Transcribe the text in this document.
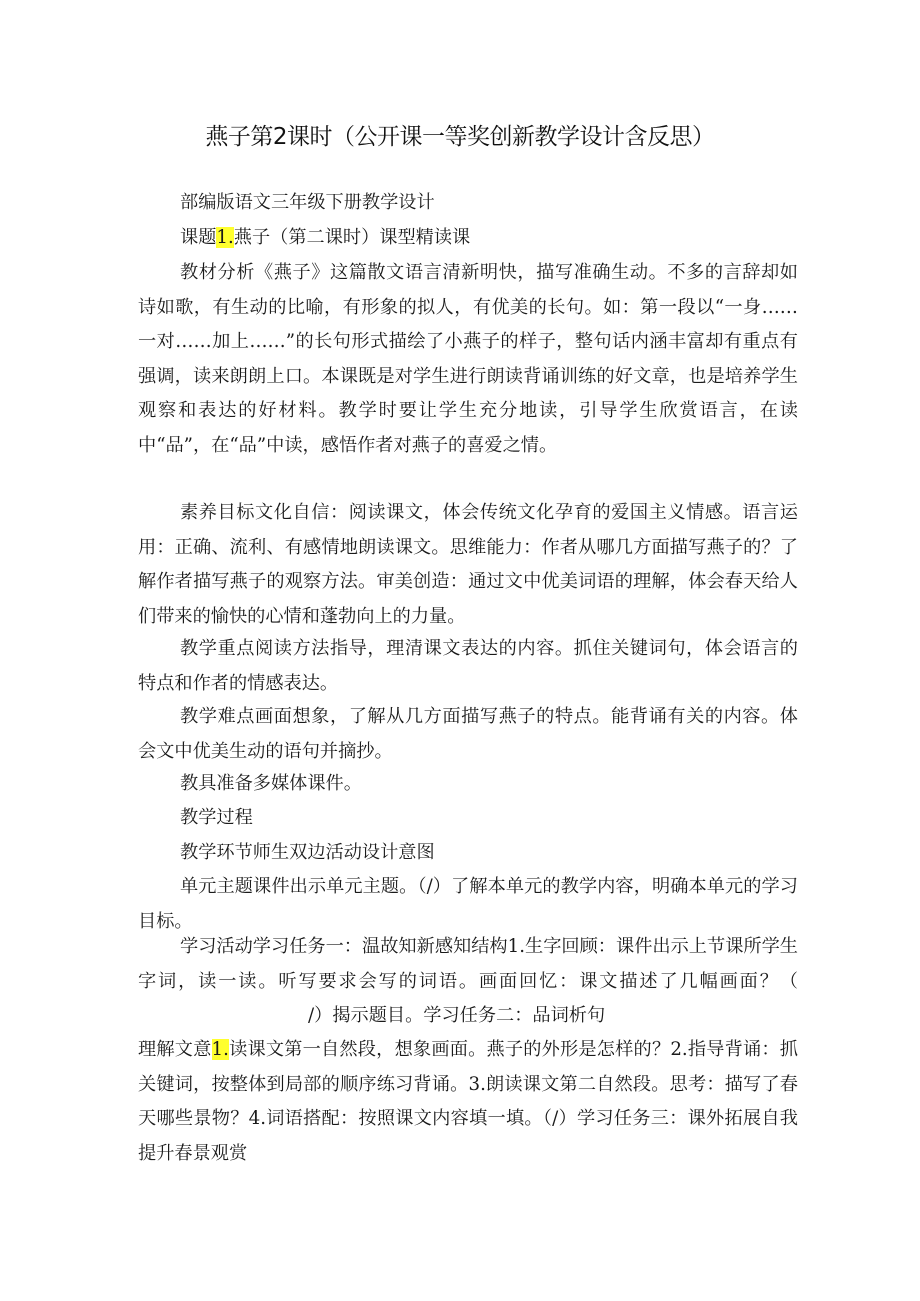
燕子第2课时（公开课一等奖创新教学设计含反思）
部编版语文三年级下册教学设计
课题1.燕子（第二课时）课型精读课
教材分析《燕子》这篇散文语言清新明快，描写准确生动。不多的言辞却如诗如歌，有生动的比喻，有形象的拟人，有优美的长句。如：第一段以“一身……一对……加上……”的长句形式描绘了小燕子的样子，整句话内涵丰富却有重点有强调，读来朗朗上口。本课既是对学生进行朗读背诵训练的好文章，也是培养学生观察和表达的好材料。教学时要让学生充分地读，引导学生欣赏语言，在读中“品”，在“品”中读，感悟作者对燕子的喜爱之情。
素养目标文化自信：阅读课文，体会传统文化孕育的爱国主义情感。语言运用：正确、流利、有感情地朗读课文。思维能力：作者从哪几方面描写燕子的？了解作者描写燕子的观察方法。审美创造：通过文中优美词语的理解，体会春天给人们带来的愉快的心情和蓬勃向上的力量。
教学重点阅读方法指导，理清课文表达的内容。抓住关键词句，体会语言的特点和作者的情感表达。
教学难点画面想象，了解从几方面描写燕子的特点。能背诵有关的内容。体会文中优美生动的语句并摘抄。
教具准备多媒体课件。
教学过程
教学环节师生双边活动设计意图
单元主题课件出示单元主题。（/）了解本单元的教学内容，明确本单元的学习目标。
学习活动学习任务一：温故知新感知结构1.生字回顾：课件出示上节课所学生字词，读一读。听写要求会写的词语。画面回忆：课文描述了几幅画面？（/）揭示题目。学习任务二：品词析句
理解文意1.读课文第一自然段，想象画面。燕子的外形是怎样的？2.指导背诵：抓关键词，按整体到局部的顺序练习背诵。3.朗读课文第二自然段。思考：描写了春天哪些景物？4.词语搭配：按照课文内容填一填。（/）学习任务三：课外拓展自我提升春景观赏
